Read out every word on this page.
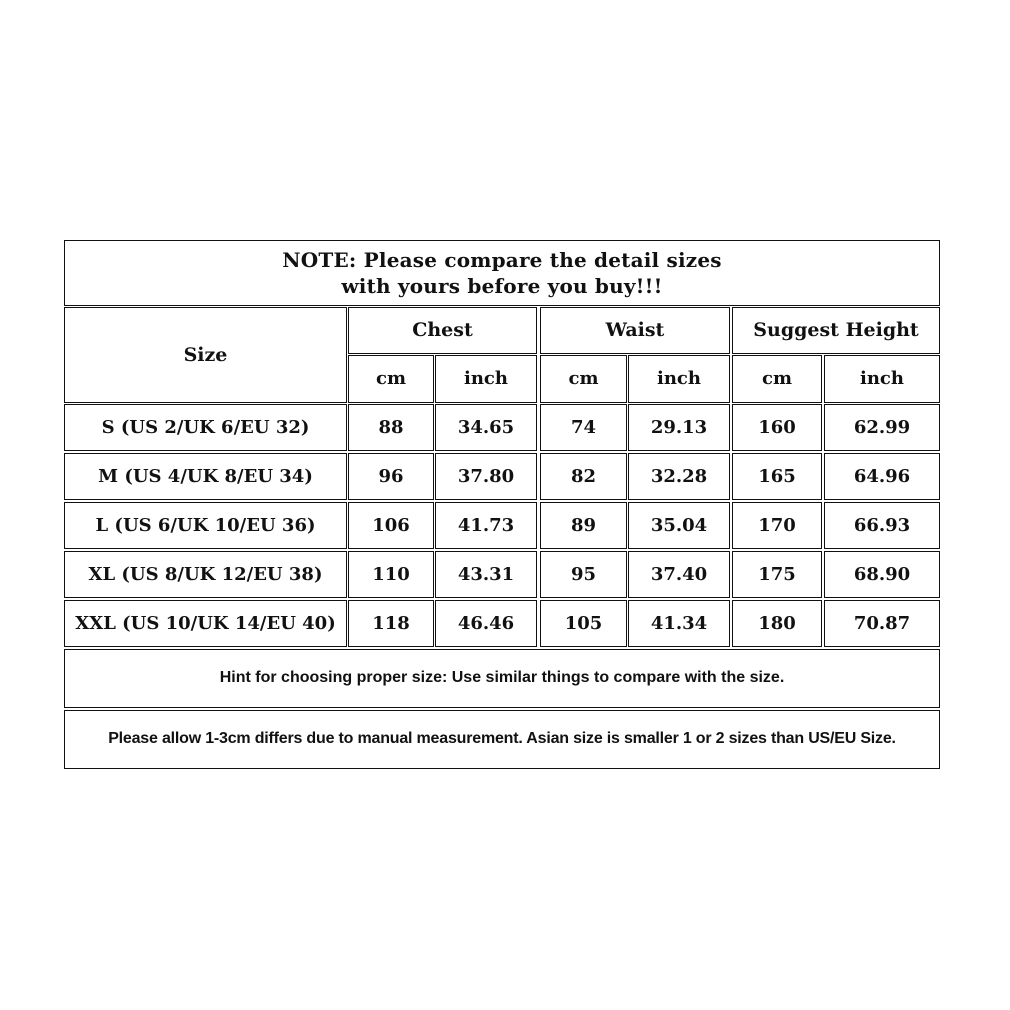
NOTE: Please compare the detail sizes
with yours before you buy!!!
Size
Chest	Waist	Suggest Height
cm	inch	cm	inch	cm	inch
S (US 2/UK 6/EU 32)	88	34.65	74	29.13	160	62.99
M (US 4/UK 8/EU 34)	96	37.80	82	32.28	165	64.96
L (US 6/UK 10/EU 36)	106	41.73	89	35.04	170	66.93
XL (US 8/UK 12/EU 38)	110	43.31	95	37.40	175	68.90
XXL (US 10/UK 14/EU 40)	118	46.46	105	41.34	180	70.87
Hint for choosing proper size: Use similar things to compare with the size.
Please allow 1-3cm differs due to manual measurement. Asian size is smaller 1 or 2 sizes than US/EU Size.
